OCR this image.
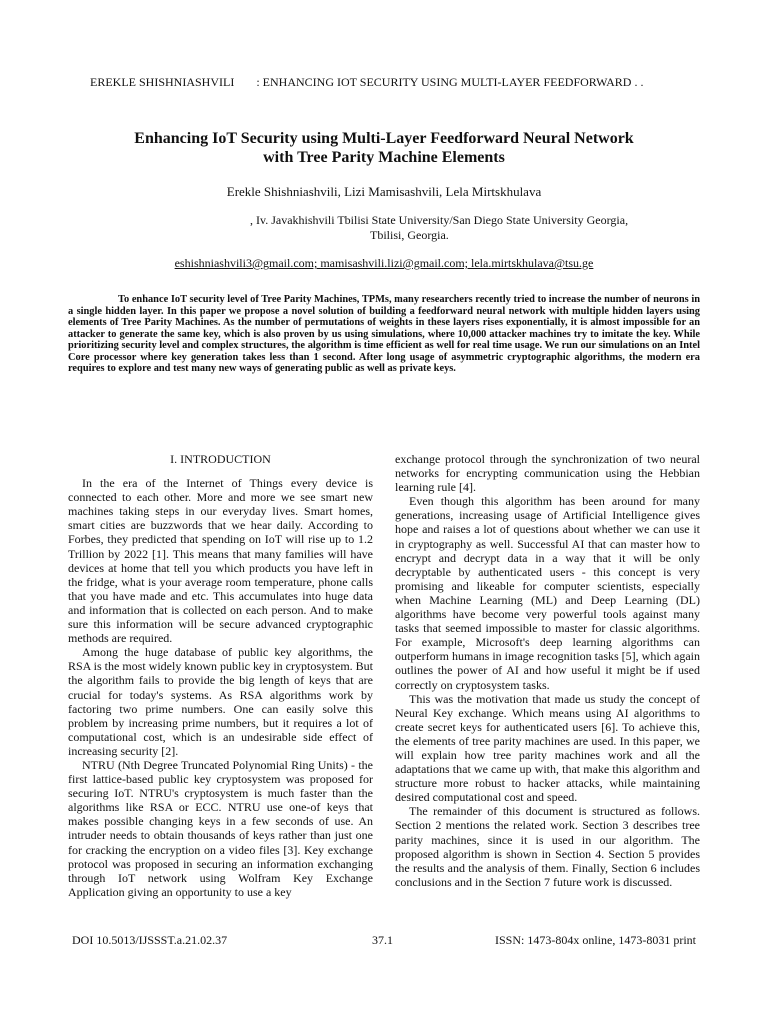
EREKLE SHISHNIASHVILI : ENHANCING IOT SECURITY USING MULTI-LAYER FEEDFORWARD . .
Enhancing IoT Security using Multi-Layer Feedforward Neural Network
with Tree Parity Machine Elements
Erekle Shishniashvili, Lizi Mamisashvili, Lela Mirtskhulava
, Iv. Javakhishvili Tbilisi State University/San Diego State University Georgia,
Tbilisi, Georgia.
eshishniashvili3@gmail.com; mamisashvili.lizi@gmail.com; lela.mirtskhulava@tsu.ge

To enhance IoT security level of Tree Parity Machines, TPMs, many researchers recently tried to increase the number of neurons in a single hidden layer. In this paper we propose a novel solution of building a feedforward neural network with multiple hidden layers using elements of Tree Parity Machines. As the number of permutations of weights in these layers rises exponentially, it is almost impossible for an attacker to generate the same key, which is also proven by us using simulations, where 10,000 attacker machines try to imitate the key. While prioritizing security level and complex structures, the algorithm is time efficient as well for real time usage. We run our simulations on an Intel Core processor where key generation takes less than 1 second. After long usage of asymmetric cryptographic algorithms, the modern era requires to explore and test many new ways of generating public as well as private keys.

I. INTRODUCTION

In the era of the Internet of Things every device is connected to each other. More and more we see smart new machines taking steps in our everyday lives. Smart homes, smart cities are buzzwords that we hear daily. According to Forbes, they predicted that spending on IoT will rise up to 1.2 Trillion by 2022 [1]. This means that many families will have devices at home that tell you which products you have left in the fridge, what is your average room temperature, phone calls that you have made and etc. This accumulates into huge data and information that is collected on each person. And to make sure this information will be secure advanced cryptographic methods are required.

Among the huge database of public key algorithms, the RSA is the most widely known public key in cryptosystem. But the algorithm fails to provide the big length of keys that are crucial for today's systems. As RSA algorithms work by factoring two prime numbers. One can easily solve this problem by increasing prime numbers, but it requires a lot of computational cost, which is an undesirable side effect of increasing security [2].

NTRU (Nth Degree Truncated Polynomial Ring Units) - the first lattice-based public key cryptosystem was proposed for securing IoT. NTRU's cryptosystem is much faster than the algorithms like RSA or ECC. NTRU use one-of keys that makes possible changing keys in a few seconds of use. An intruder needs to obtain thousands of keys rather than just one for cracking the encryption on a video files [3]. Key exchange protocol was proposed in securing an information exchanging through IoT network using Wolfram Key Exchange Application giving an opportunity to use a key

exchange protocol through the synchronization of two neural networks for encrypting communication using the Hebbian learning rule [4].

Even though this algorithm has been around for many generations, increasing usage of Artificial Intelligence gives hope and raises a lot of questions about whether we can use it in cryptography as well. Successful AI that can master how to encrypt and decrypt data in a way that it will be only decryptable by authenticated users - this concept is very promising and likeable for computer scientists, especially when Machine Learning (ML) and Deep Learning (DL) algorithms have become very powerful tools against many tasks that seemed impossible to master for classic algorithms. For example, Microsoft's deep learning algorithms can outperform humans in image recognition tasks [5], which again outlines the power of AI and how useful it might be if used correctly on cryptosystem tasks.

This was the motivation that made us study the concept of Neural Key exchange. Which means using AI algorithms to create secret keys for authenticated users [6]. To achieve this, the elements of tree parity machines are used. In this paper, we will explain how tree parity machines work and all the adaptations that we came up with, that make this algorithm and structure more robust to hacker attacks, while maintaining desired computational cost and speed.

The remainder of this document is structured as follows. Section 2 mentions the related work. Section 3 describes tree parity machines, since it is used in our algorithm. The proposed algorithm is shown in Section 4. Section 5 provides the results and the analysis of them. Finally, Section 6 includes conclusions and in the Section 7 future work is discussed.

DOI 10.5013/IJSSST.a.21.02.37	37.1	ISSN: 1473-804x online, 1473-8031 print
